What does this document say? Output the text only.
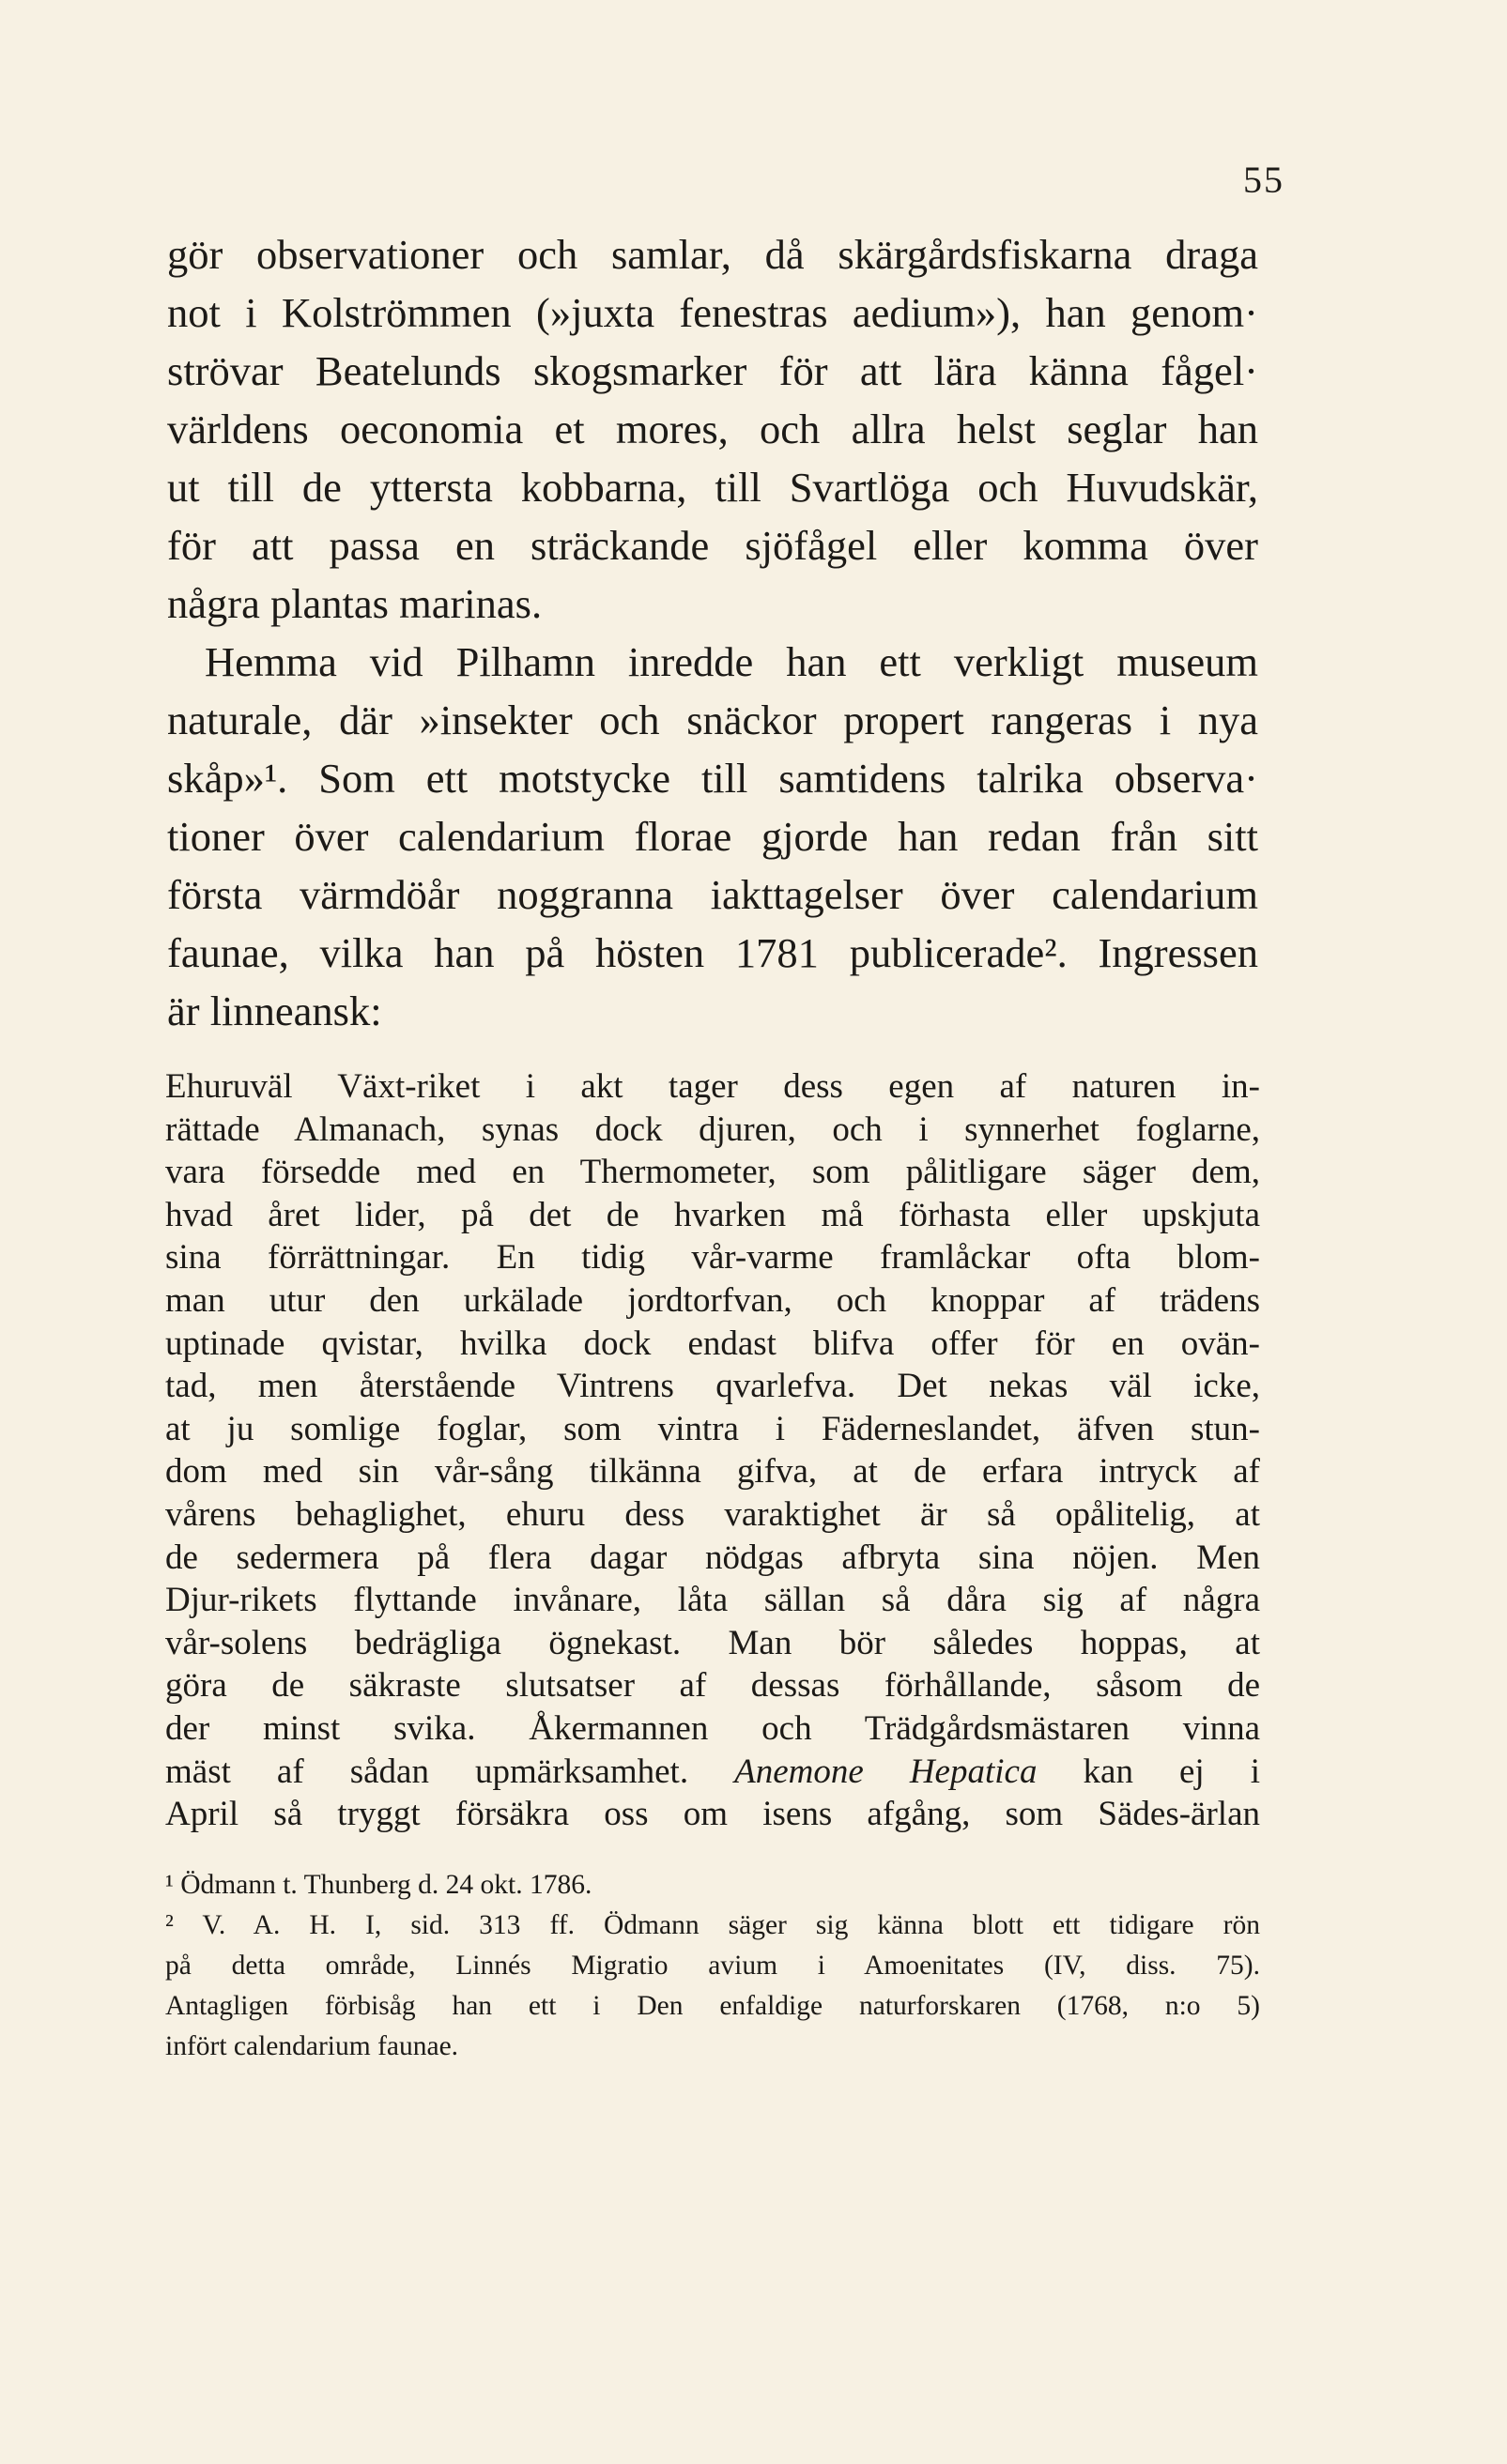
55
gör observationer och samlar, då skärgårdsfiskarna draga
not i Kolströmmen (»juxta fenestras aedium»), han genom·
strövar Beatelunds skogsmarker för att lära känna fågel·
världens oeconomia et mores, och allra helst seglar han
ut till de yttersta kobbarna, till Svartlöga och Huvudskär,
för att passa en sträckande sjöfågel eller komma över
några plantas marinas.
Hemma vid Pilhamn inredde han ett verkligt museum
naturale, där »insekter och snäckor propert rangeras i nya
skåp»¹. Som ett motstycke till samtidens talrika observa·
tioner över calendarium florae gjorde han redan från sitt
första värmdöår noggranna iakttagelser över calendarium
faunae, vilka han på hösten 1781 publicerade². Ingressen
är linneansk:
Ehuruväl Växt-riket i akt tager dess egen af naturen in-
rättade Almanach, synas dock djuren, och i synnerhet foglarne,
vara försedde med en Thermometer, som pålitligare säger dem,
hvad året lider, på det de hvarken må förhasta eller upskjuta
sina förrättningar. En tidig vår-varme framlåckar ofta blom-
man utur den urkälade jordtorfvan, och knoppar af trädens
uptinade qvistar, hvilka dock endast blifva offer för en ovän-
tad, men återstående Vintrens qvarlefva. Det nekas väl icke,
at ju somlige foglar, som vintra i Fäderneslandet, äfven stun-
dom med sin vår-sång tilkänna gifva, at de erfara intryck af
vårens behaglighet, ehuru dess varaktighet är så opålitelig, at
de sedermera på flera dagar nödgas afbryta sina nöjen. Men
Djur-rikets flyttande invånare, låta sällan så dåra sig af några
vår-solens bedrägliga ögnekast. Man bör således hoppas, at
göra de säkraste slutsatser af dessas förhållande, såsom de
der minst svika. Åkermannen och Trädgårdsmästaren vinna
mäst af sådan upmärksamhet. Anemone Hepatica kan ej i
April så tryggt försäkra oss om isens afgång, som Sädes-ärlan
¹ Ödmann t. Thunberg d. 24 okt. 1786.
² V. A. H. I, sid. 313 ff. Ödmann säger sig känna blott ett tidigare rön
på detta område, Linnés Migratio avium i Amoenitates (IV, diss. 75).
Antagligen förbisåg han ett i Den enfaldige naturforskaren (1768, n:o 5)
infört calendarium faunae.
